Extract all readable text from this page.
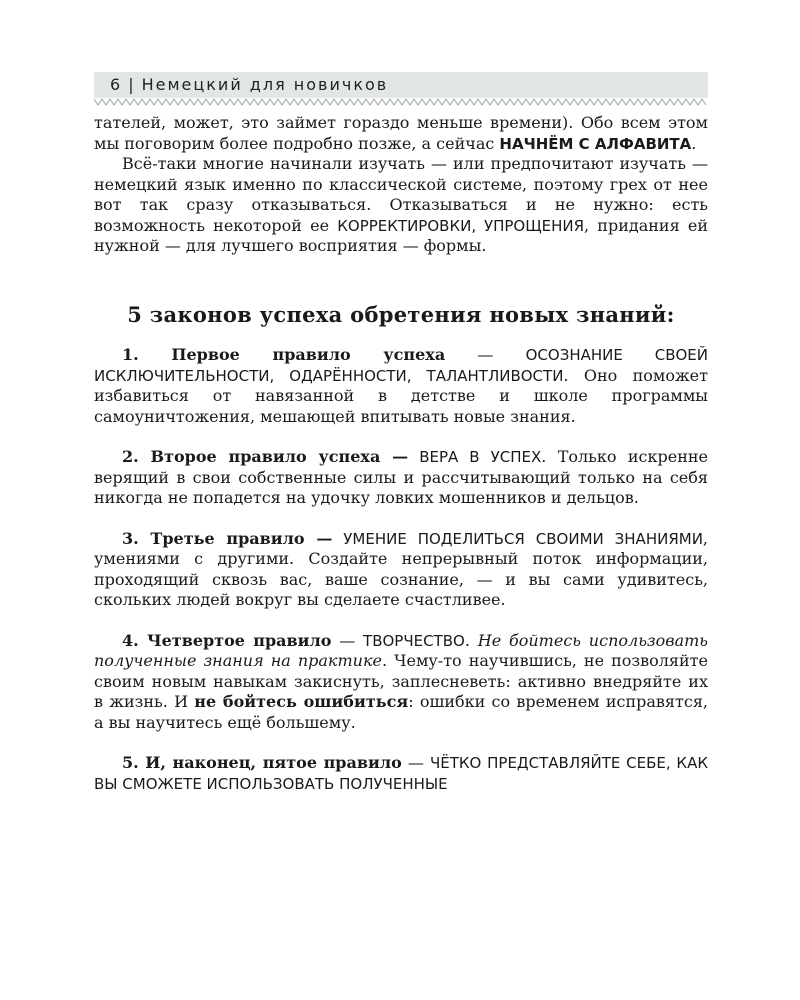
6 | Немецкий для новичков

тателей, может, это займет гораздо меньше времени). Обо всем этом мы поговорим более подробно позже, а сейчас НАЧНЁМ С АЛФАВИТА.

Всё-таки многие начинали изучать — или предпочитают изучать — немецкий язык именно по классической системе, поэтому грех от нее вот так сразу отказываться. Отказываться и не нужно: есть возможность некоторой ее КОРРЕКТИРОВКИ, УПРОЩЕНИЯ, придания ей нужной — для лучшего восприятия — формы.

5 законов успеха обретения новых знаний:

1. Первое правило успеха — ОСОЗНАНИЕ СВОЕЙ ИСКЛЮЧИТЕЛЬНОСТИ, ОДАРЁННОСТИ, ТАЛАНТЛИВОСТИ. Оно поможет избавиться от навязанной в детстве и школе программы самоуничтожения, мешающей впитывать новые знания.

2. Второе правило успеха — ВЕРА В УСПЕХ. Только искренне верящий в свои собственные силы и рассчитывающий только на себя никогда не попадется на удочку ловких мошенников и дельцов.

3. Третье правило — УМЕНИЕ ПОДЕЛИТЬСЯ СВОИМИ ЗНАНИЯМИ, умениями с другими. Создайте непрерывный поток информации, проходящий сквозь вас, ваше сознание, — и вы сами удивитесь, скольких людей вокруг вы сделаете счастливее.

4. Четвертое правило — ТВОРЧЕСТВО. Не бойтесь использовать полученные знания на практике. Чему-то научившись, не позволяйте своим новым навыкам закиснуть, заплесневеть: активно внедряйте их в жизнь. И не бойтесь ошибиться: ошибки со временем исправятся, а вы научитесь ещё большему.

5. И, наконец, пятое правило — ЧЁТКО ПРЕДСТАВЛЯЙТЕ СЕБЕ, КАК ВЫ СМОЖЕТЕ ИСПОЛЬЗОВАТЬ ПОЛУЧЕННЫЕ
